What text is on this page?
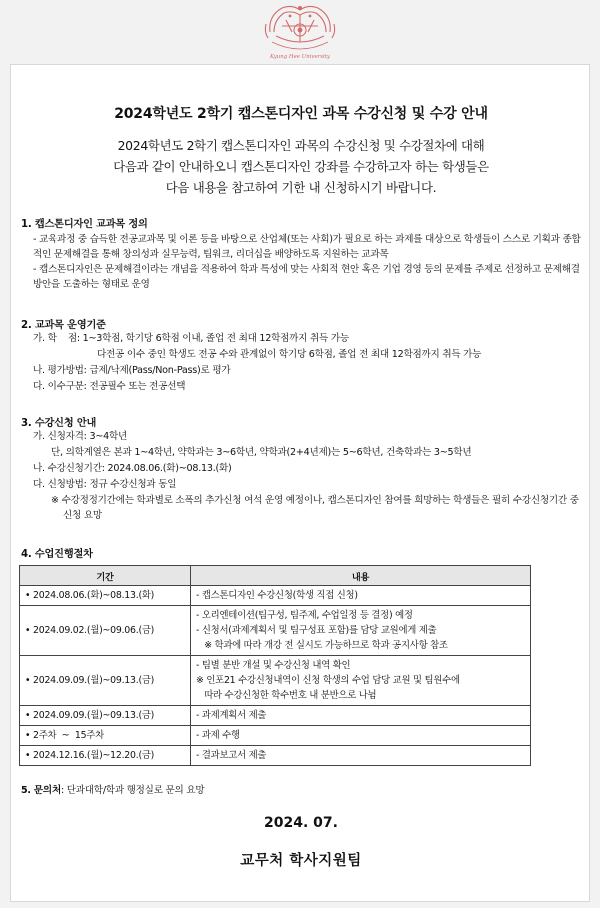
Kyung Hee University
2024학년도 2학기 캡스톤디자인 과목 수강신청 및 수강 안내
2024학년도 2학기 캡스톤디자인 과목의 수강신청 및 수강절차에 대해
다음과 같이 안내하오니 캡스톤디자인 강좌를 수강하고자 하는 학생들은
다음 내용을 참고하여 기한 내 신청하시기 바랍니다.
1. 캡스톤디자인 교과목 정의
- 교육과정 중 습득한 전공교과목 및 이론 등을 바탕으로 산업체(또는 사회)가 필요로 하는 과제를 대상으로 학생들이 스스로 기획과 종합적인 문제해결을 통해 창의성과 실무능력, 팀워크, 리더십을 배양하도록 지원하는 교과목
- 캡스톤디자인은 문제해결이라는 개념을 적용하여 학과 특성에 맞는 사회적 현안 혹은 기업 경영 등의 문제를 주제로 선정하고 문제해결 방안을 도출하는 형태로 운영
2. 교과목 운영기준
가. 학    점: 1~3학점, 학기당 6학점 이내, 졸업 전 최대 12학점까지 취득 가능
다전공 이수 중인 학생도 전공 수와 관계없이 학기당 6학점, 졸업 전 최대 12학점까지 취득 가능
나. 평가방법: 급제/낙제(Pass/Non-Pass)로 평가
다. 이수구분: 전공필수 또는 전공선택
3. 수강신청 안내
가. 신청자격: 3~4학년
단, 의학계열은 본과 1~4학년, 약학과는 3~6학년, 약학과(2+4년제)는 5~6학년, 건축학과는 3~5학년
나. 수강신청기간: 2024.08.06.(화)~08.13.(화)
다. 신청방법: 정규 수강신청과 동일
※ 수강정정기간에는 학과별로 소폭의 추가신청 여석 운영 예정이나, 캡스톤디자인 참여를 희망하는 학생들은 필히 수강신청기간 중 신청 요망
4. 수업진행절차
기간	내용
• 2024.08.06.(화)~08.13.(화)	- 캡스톤디자인 수강신청(학생 직접 신청)

• 2024.09.02.(월)~09.06.(금)	- 오리엔테이션(팀구성, 팀주제, 수업일정 등 결정) 예정
- 신청서(과제계획서 및 팀구성표 포함)를 담당 교원에게 제출
※ 학과에 따라 개강 전 실시도 가능하므로 학과 공지사항 참조

• 2024.09.09.(월)~09.13.(금)	- 팀별 분반 개설 및 수강신청 내역 확인
※ 인포21 수강신청내역이 신청 학생의 수업 담당 교원 및 팀원수에
따라 수강신청한 학수번호 내 분반으로 나뉨

• 2024.09.09.(월)~09.13.(금)	- 과제계획서 제출

• 2주차  ~  15주차	- 과제 수행

• 2024.12.16.(월)~12.20.(금)	- 결과보고서 제출
5. 문의처: 단과대학/학과 행정실로 문의 요망
2024. 07.
교무처 학사지원팀
